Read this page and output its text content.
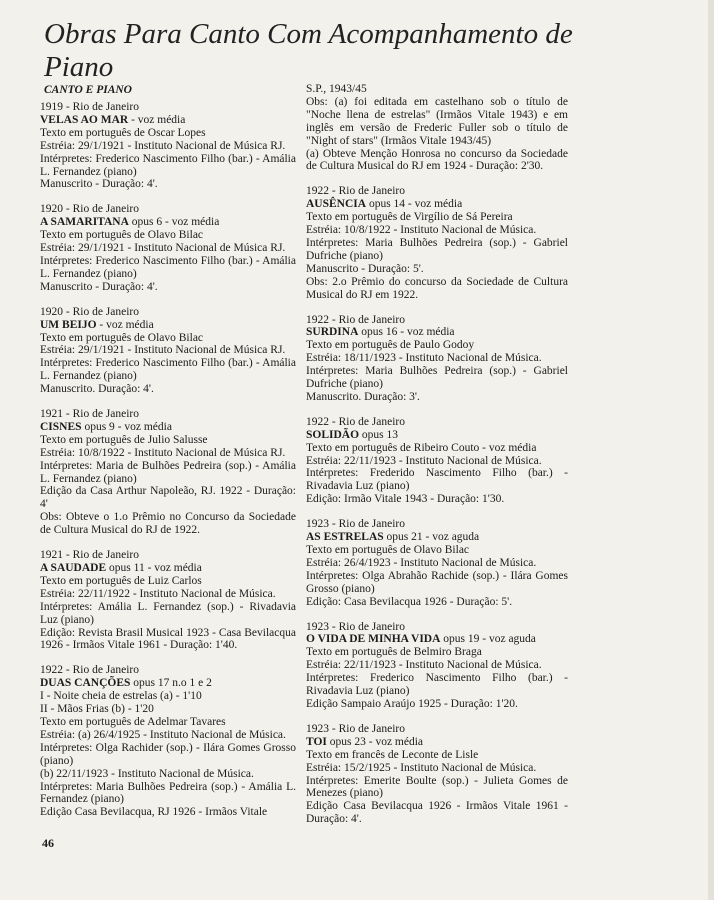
Obras Para Canto Com Acompanhamento de
Piano
CANTO E PIANO
1919 - Rio de Janeiro
VELAS AO MAR - voz média
Texto em português de Oscar Lopes
Estréia: 29/1/1921 - Instituto Nacional de Música RJ.
Intérpretes: Frederico Nascimento Filho (bar.) - Amália L. Fernandez (piano)
Manuscrito - Duração: 4'.
1920 - Rio de Janeiro
A SAMARITANA opus 6 - voz média
Texto em português de Olavo Bilac
Estréia: 29/1/1921 - Instituto Nacional de Música RJ.
Intérpretes: Frederico Nascimento Filho (bar.) - Amália L. Fernandez (piano)
Manuscrito - Duração: 4'.
1920 - Rio de Janeiro
UM BEIJO - voz média
Texto em português de Olavo Bilac
Estréia: 29/1/1921 - Instituto Nacional de Música RJ.
Intérpretes: Frederico Nascimento Filho (bar.) - Amália L. Fernandez (piano)
Manuscrito. Duração: 4'.
1921 - Rio de Janeiro
CISNES opus 9 - voz média
Texto em português de Julio Salusse
Estréia: 10/8/1922 - Instituto Nacional de Música RJ.
Intérpretes: Maria de Bulhões Pedreira (sop.) - Amália L. Fernandez (piano)
Edição da Casa Arthur Napoleão, RJ. 1922 - Duração: 4'
Obs: Obteve o 1.o Prêmio no Concurso da Sociedade de Cultura Musical do RJ de 1922.
1921 - Rio de Janeiro
A SAUDADE opus 11 - voz média
Texto em português de Luiz Carlos
Estréia: 22/11/1922 - Instituto Nacional de Música.
Intérpretes: Amália L. Fernandez (sop.) - Rivadavia Luz (piano)
Edição: Revista Brasil Musical 1923 - Casa Bevilacqua 1926 - Irmãos Vitale 1961 - Duração: 1'40.
1922 - Rio de Janeiro
DUAS CANÇÕES opus 17 n.o 1 e 2
I - Noite cheia de estrelas (a) - 1'10
II - Mãos Frias (b) - 1'20
Texto em português de Adelmar Tavares
Estréia: (a) 26/4/1925 - Instituto Nacional de Música.
Intérpretes: Olga Rachider (sop.) - Ilára Gomes Grosso (piano)
(b) 22/11/1923 - Instituto Nacional de Música.
Intérpretes: Maria Bulhões Pedreira (sop.) - Amália L. Fernandez (piano)
Edição Casa Bevilacqua, RJ 1926 - Irmãos Vitale
S.P., 1943/45
Obs: (a) foi editada em castelhano sob o título de "Noche llena de estrelas" (Irmãos Vitale 1943) e em inglês em versão de Frederic Fuller sob o título de "Night of stars" (Irmãos Vitale 1943/45)
(a) Obteve Menção Honrosa no concurso da Sociedade de Cultura Musical do RJ em 1924 - Duração: 2'30.
1922 - Rio de Janeiro
AUSÊNCIA opus 14 - voz média
Texto em português de Virgílio de Sá Pereira
Estréia: 10/8/1922 - Instituto Nacional de Música.
Intérpretes: Maria Bulhões Pedreira (sop.) - Gabriel Dufriche (piano)
Manuscrito - Duração: 5'.
Obs: 2.o Prêmio do concurso da Sociedade de Cultura Musical do RJ em 1922.
1922 - Rio de Janeiro
SURDINA opus 16 - voz média
Texto em português de Paulo Godoy
Estréia: 18/11/1923 - Instituto Nacional de Música.
Intérpretes: Maria Bulhões Pedreira (sop.) - Gabriel Dufriche (piano)
Manuscrito. Duração: 3'.
1922 - Rio de Janeiro
SOLIDÃO opus 13
Texto em português de Ribeiro Couto - voz média
Estréia: 22/11/1923 - Instituto Nacional de Música.
Intérpretes: Frederido Nascimento Filho (bar.) - Rivadavia Luz (piano)
Edição: Irmão Vitale 1943 - Duração: 1'30.
1923 - Rio de Janeiro
AS ESTRELAS opus 21 - voz aguda
Texto em português de Olavo Bilac
Estréia: 26/4/1923 - Instituto Nacional de Música.
Intérpretes: Olga Abrahão Rachide (sop.) - Ilára Gomes Grosso (piano)
Edição: Casa Bevilacqua 1926 - Duração: 5'.
1923 - Rio de Janeiro
O VIDA DE MINHA VIDA opus 19 - voz aguda
Texto em português de Belmiro Braga
Estréia: 22/11/1923 - Instituto Nacional de Música.
Intérpretes: Frederico Nascimento Filho (bar.) - Rivadavia Luz (piano)
Edição Sampaio Araújo 1925 - Duração: 1'20.
1923 - Rio de Janeiro
TOI opus 23 - voz média
Texto em francês de Leconte de Lisle
Estréia: 15/2/1925 - Instituto Nacional de Música.
Intérpretes: Emerite Boulte (sop.) - Julieta Gomes de Menezes (piano)
Edição Casa Bevilacqua 1926 - Irmãos Vitale 1961 - Duração: 4'.
46
